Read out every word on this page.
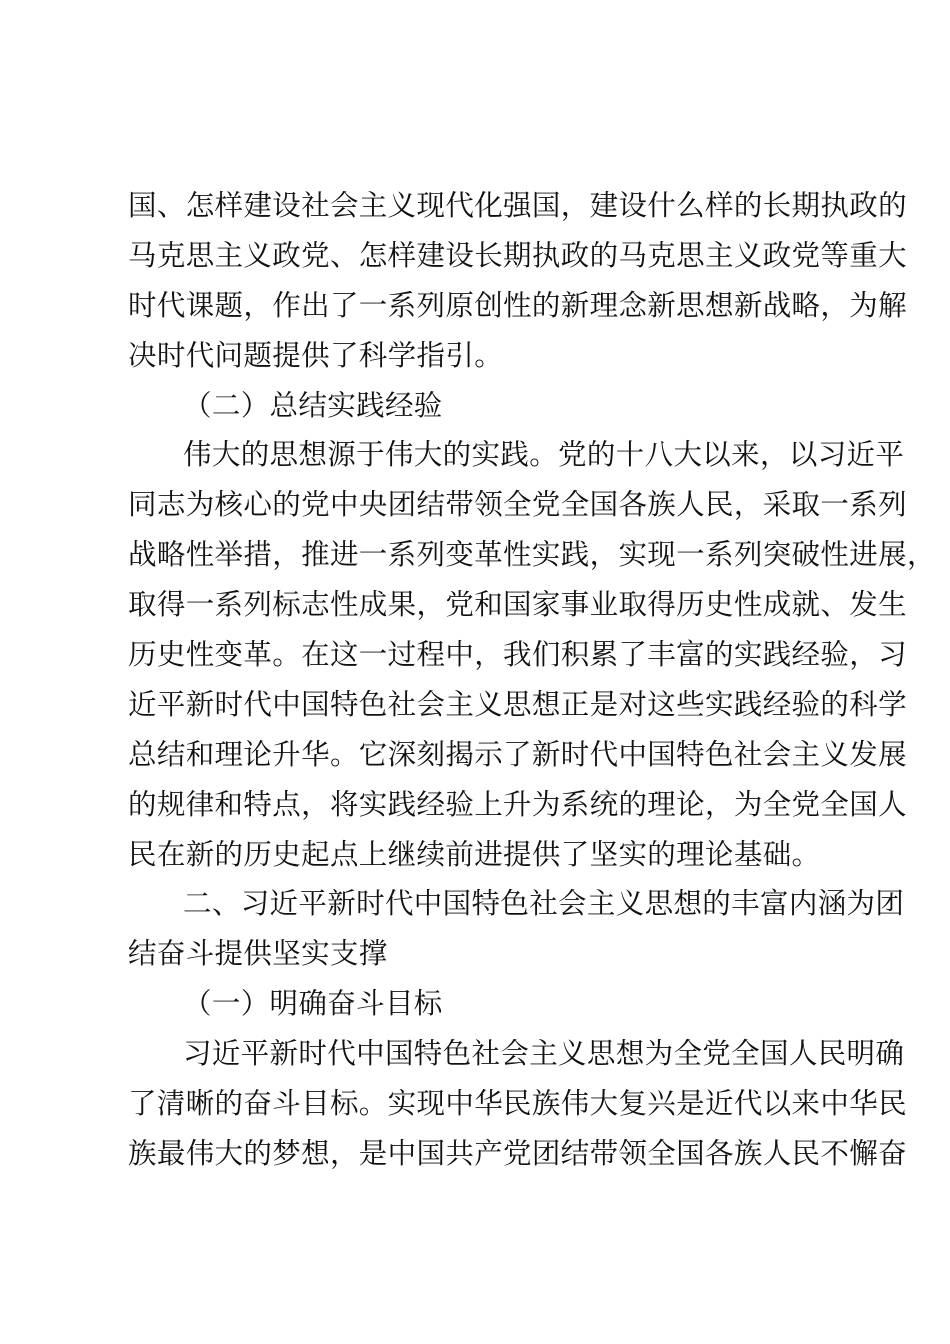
国、怎样建设社会主义现代化强国，建设什么样的长期执政的
马克思主义政党、怎样建设长期执政的马克思主义政党等重大
时代课题，作出了一系列原创性的新理念新思想新战略，为解
决时代问题提供了科学指引。
（二）总结实践经验
伟大的思想源于伟大的实践。党的十八大以来，以习近平
同志为核心的党中央团结带领全党全国各族人民，采取一系列
战略性举措，推进一系列变革性实践，实现一系列突破性进展，
取得一系列标志性成果，党和国家事业取得历史性成就、发生
历史性变革。在这一过程中，我们积累了丰富的实践经验，习
近平新时代中国特色社会主义思想正是对这些实践经验的科学
总结和理论升华。它深刻揭示了新时代中国特色社会主义发展
的规律和特点，将实践经验上升为系统的理论，为全党全国人
民在新的历史起点上继续前进提供了坚实的理论基础。
二、习近平新时代中国特色社会主义思想的丰富内涵为团
结奋斗提供坚实支撑
（一）明确奋斗目标
习近平新时代中国特色社会主义思想为全党全国人民明确
了清晰的奋斗目标。实现中华民族伟大复兴是近代以来中华民
族最伟大的梦想，是中国共产党团结带领全国各族人民不懈奋
